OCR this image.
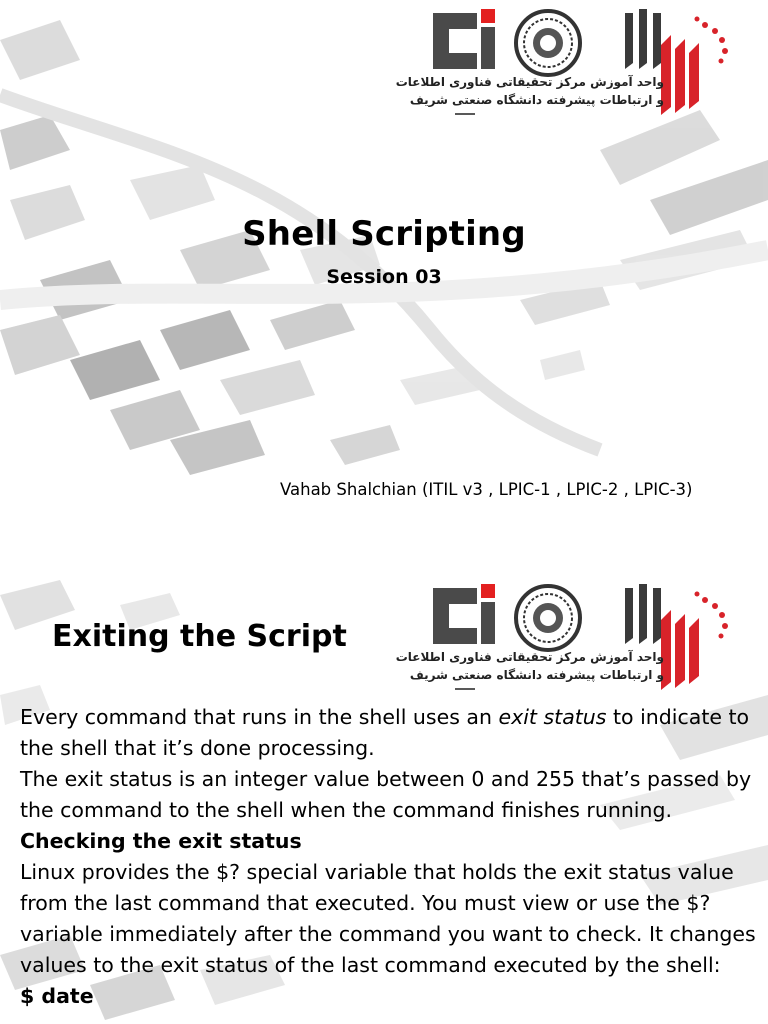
واحد آموزش مرکز تحقیقاتی فناوری اطلاعات
و ارتباطات پیشرفته دانشگاه صنعتی شریف
Shell Scripting
Session 03
Vahab Shalchian (ITIL v3 , LPIC-1 , LPIC-2 , LPIC-3)
واحد آموزش مرکز تحقیقاتی فناوری اطلاعات
و ارتباطات پیشرفته دانشگاه صنعتی شریف
Exiting the Script

Every command that runs in the shell uses an exit status to indicate to the shell that it’s done processing.

The exit status is an integer value between 0 and 255 that’s passed by the command to the shell when the command finishes running.

Checking the exit status

Linux provides the $? special variable that holds the exit status value from the last command that executed. You must view or use the $? variable immediately after the command you want to check. It changes values to the exit status of the last command executed by the shell:

$ date
